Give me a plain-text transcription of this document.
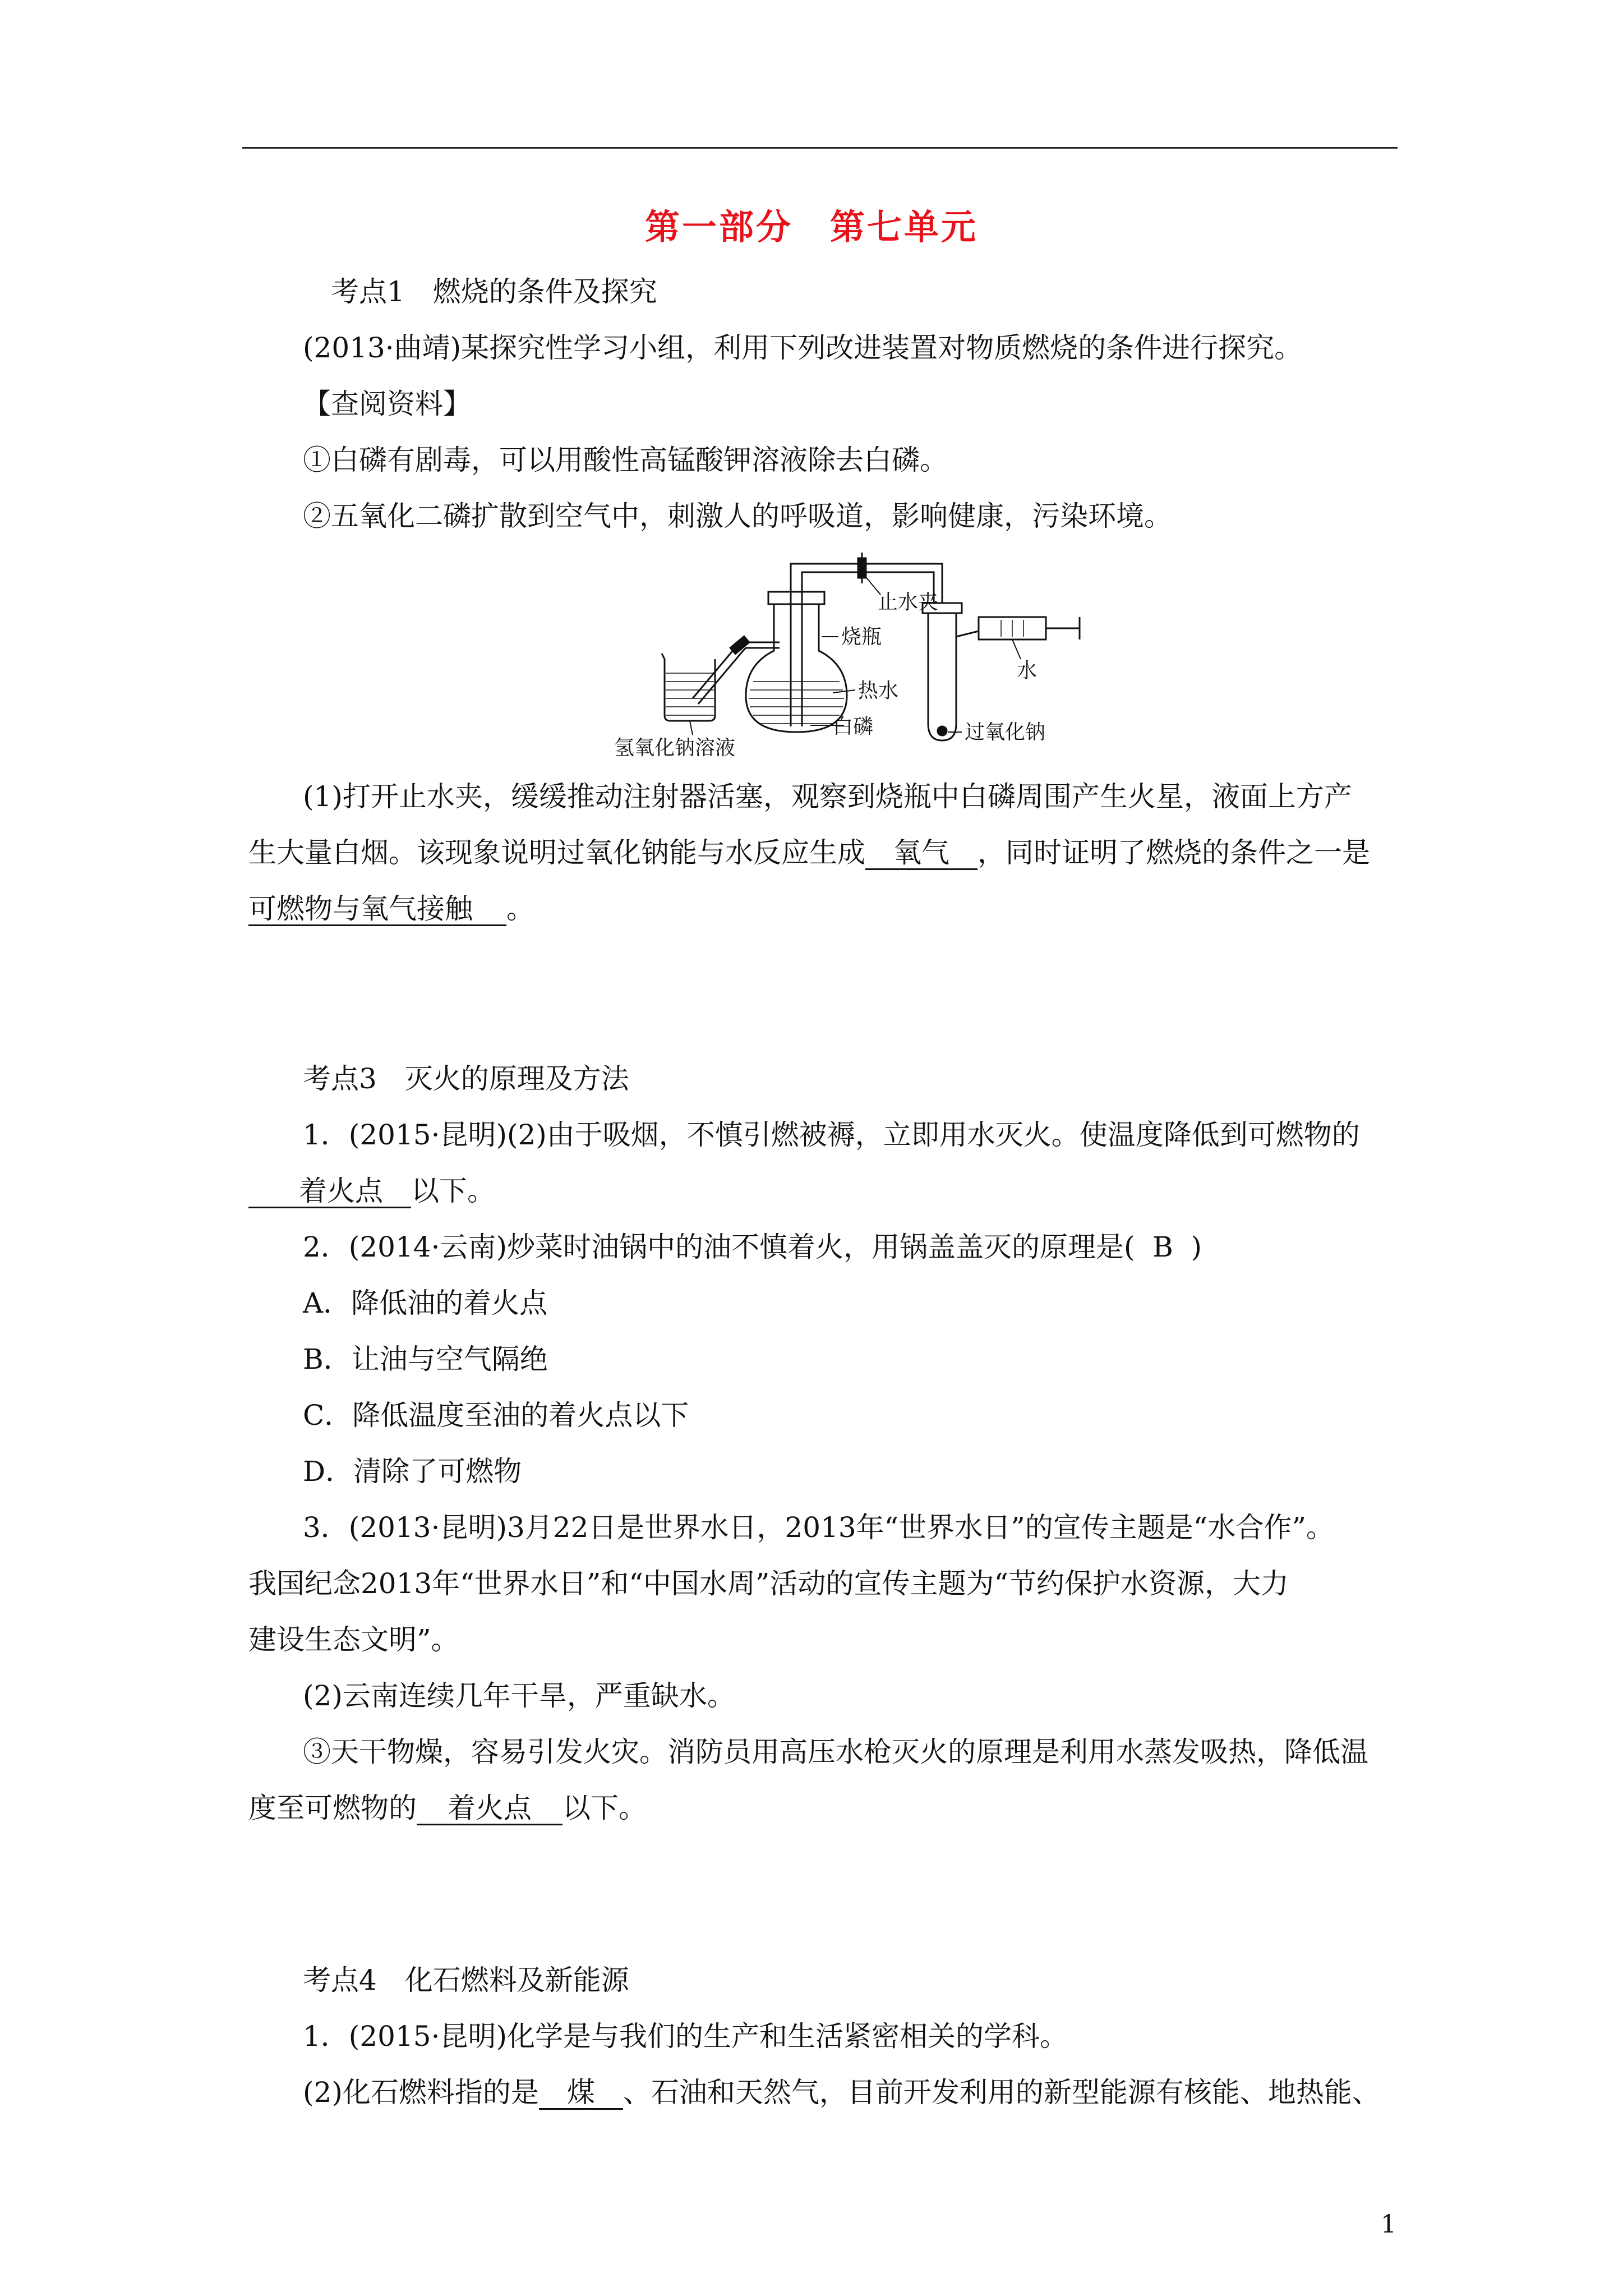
第一部分　第七单元
考点1　燃烧的条件及探究
(2013·曲靖)某探究性学习小组，利用下列改进装置对物质燃烧的条件进行探究。
【查阅资料】
①白磷有剧毒，可以用酸性高锰酸钾溶液除去白磷。
②五氧化二磷扩散到空气中，刺激人的呼吸道，影响健康，污染环境。
止水夹
烧瓶
水
热水
白磷	过氧化钠
氢氧化钠溶液
(1)打开止水夹，缓缓推动注射器活塞，观察到烧瓶中白磷周围产生火星，液面上方产
生大量白烟。该现象说明过氧化钠能与水反应生成 氧气 ，同时证明了燃烧的条件之一是
可燃物与氧气接触 。
考点3　灭火的原理及方法
1．(2015·昆明)(2)由于吸烟，不慎引燃被褥，立即用水灭火。使温度降低到可燃物的
着火点 以下。
2．(2014·云南)炒菜时油锅中的油不慎着火，用锅盖盖灭的原理是( B )
A．降低油的着火点
B．让油与空气隔绝
C．降低温度至油的着火点以下
D．清除了可燃物
3．(2013·昆明)3月22日是世界水日，2013年“世界水日”的宣传主题是“水合作”。
我国纪念2013年“世界水日”和“中国水周”活动的宣传主题为“节约保护水资源，大力
建设生态文明”。
(2)云南连续几年干旱，严重缺水。
③天干物燥，容易引发火灾。消防员用高压水枪灭火的原理是利用水蒸发吸热，降低温
度至可燃物的 着火点 以下。
考点4　化石燃料及新能源
1．(2015·昆明)化学是与我们的生产和生活紧密相关的学科。
(2)化石燃料指的是 煤 、石油和天然气，目前开发利用的新型能源有核能、地热能、
1
